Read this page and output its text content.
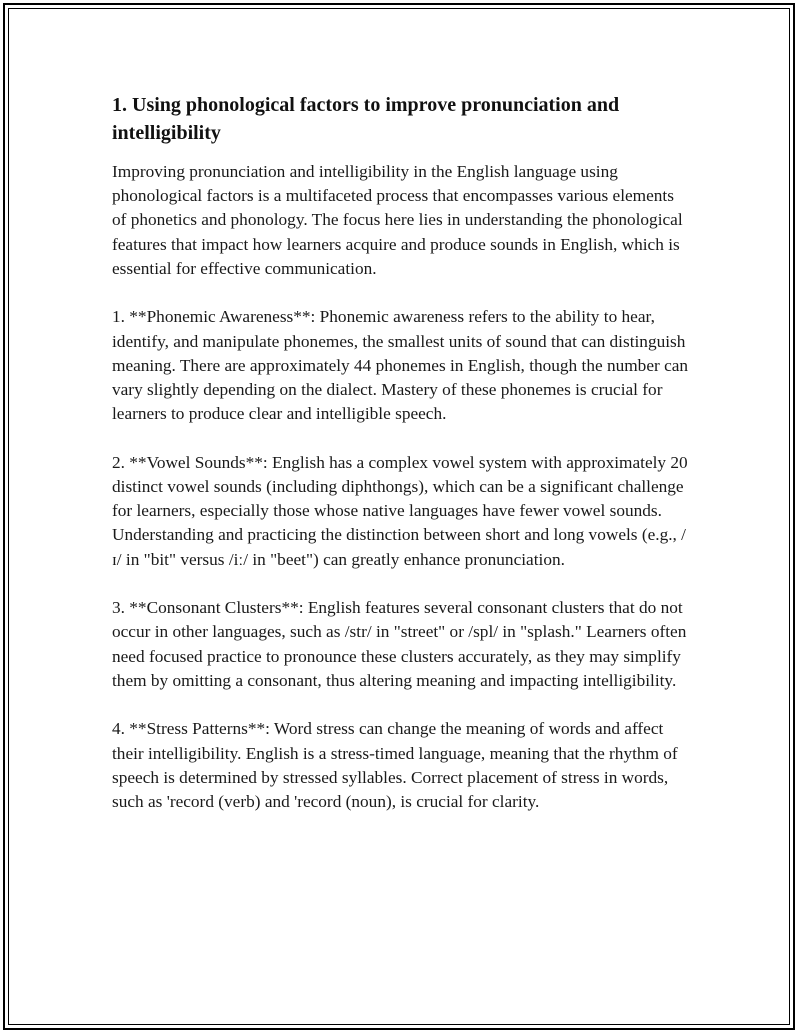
1. Using phonological factors to improve pronunciation and intelligibility

Improving pronunciation and intelligibility in the English language using phonological factors is a multifaceted process that encompasses various elements of phonetics and phonology. The focus here lies in understanding the phonological features that impact how learners acquire and produce sounds in English, which is essential for effective communication.

1. **Phonemic Awareness**: Phonemic awareness refers to the ability to hear, identify, and manipulate phonemes, the smallest units of sound that can distinguish meaning. There are approximately 44 phonemes in English, though the number can vary slightly depending on the dialect. Mastery of these phonemes is crucial for learners to produce clear and intelligible speech.

2. **Vowel Sounds**: English has a complex vowel system with approximately 20 distinct vowel sounds (including diphthongs), which can be a significant challenge for learners, especially those whose native languages have fewer vowel sounds. Understanding and practicing the distinction between short and long vowels (e.g., /ɪ/ in "bit" versus /iː/ in "beet") can greatly enhance pronunciation.

3. **Consonant Clusters**: English features several consonant clusters that do not occur in other languages, such as /str/ in "street" or /spl/ in "splash." Learners often need focused practice to pronounce these clusters accurately, as they may simplify them by omitting a consonant, thus altering meaning and impacting intelligibility.

4. **Stress Patterns**: Word stress can change the meaning of words and affect their intelligibility. English is a stress-timed language, meaning that the rhythm of speech is determined by stressed syllables. Correct placement of stress in words, such as 'record (verb) and 'record (noun), is crucial for clarity.
